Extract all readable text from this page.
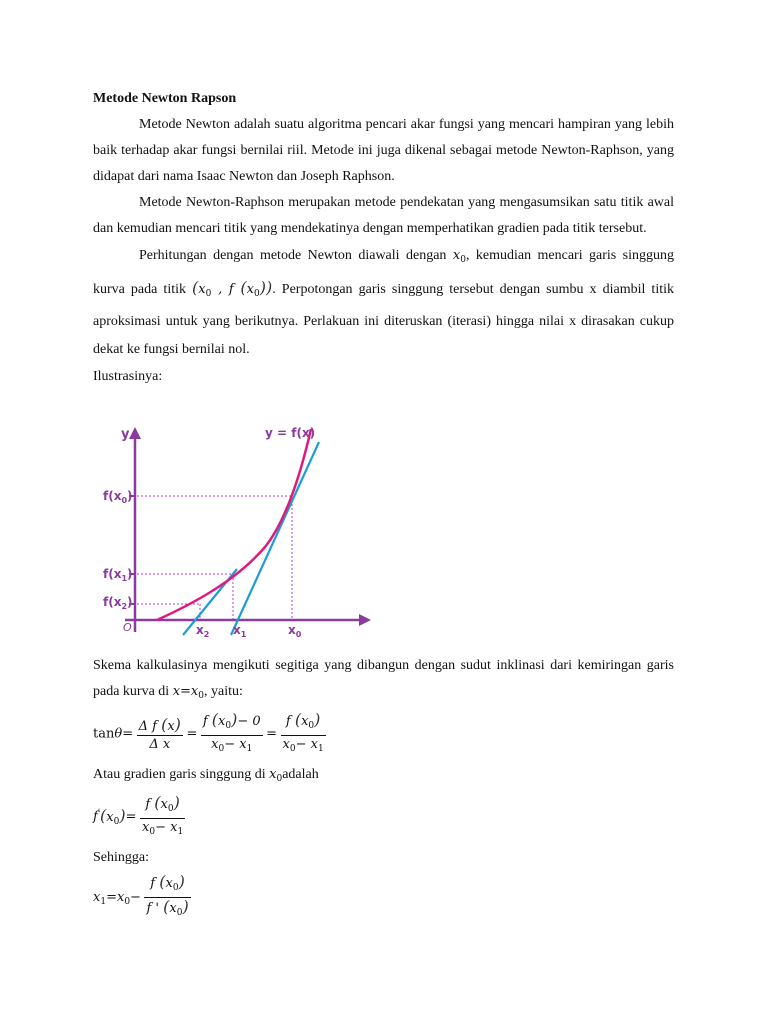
Metode Newton Rapson

Metode Newton adalah suatu algoritma pencari akar fungsi yang mencari hampiran yang lebih baik terhadap akar fungsi bernilai riil. Metode ini juga dikenal sebagai metode Newton-Raphson, yang didapat dari nama Isaac Newton dan Joseph Raphson.

Metode Newton-Raphson merupakan metode pendekatan yang mengasumsikan satu titik awal dan kemudian mencari titik yang mendekatinya dengan memperhatikan gradien pada titik tersebut.

Perhitungan dengan metode Newton diawali dengan $x_0$, kemudian mencari garis singgung kurva pada titik ($x_0$ , f $(x_0)$). Perpotongan garis singgung tersebut dengan sumbu x diambil titik aproksimasi untuk yang berikutnya. Perlakuan ini diteruskan (iterasi) hingga nilai x dirasakan cukup dekat ke fungsi bernilai nol.

Ilustrasinya:

y	y = f(x)
$f(x_0)$
$f(x_1)$
$f(x_2)$
O	$x_2$ $x_1$	$x_0$

Skema kalkulasinya mengikuti segitiga yang dibangun dengan sudut inklinasi dari kemiringan garis pada kurva di $x=x_0$, yaitu:

$\tan\theta= \frac{\text{Δ f (x)}}{\text{Δ x}} = \frac{f (x_0)- 0}{x_0- x_1} = \frac{f (x_0)}{x_0- x_1}$

Atau gradien garis singgung di $x_0adalah$

$f'(x_0)= \frac{f (x_0)}{x_0- x_1}$

Sehingga:

$x_1=x_0- \frac{f (x_0)}{f ' (x_0)}$
